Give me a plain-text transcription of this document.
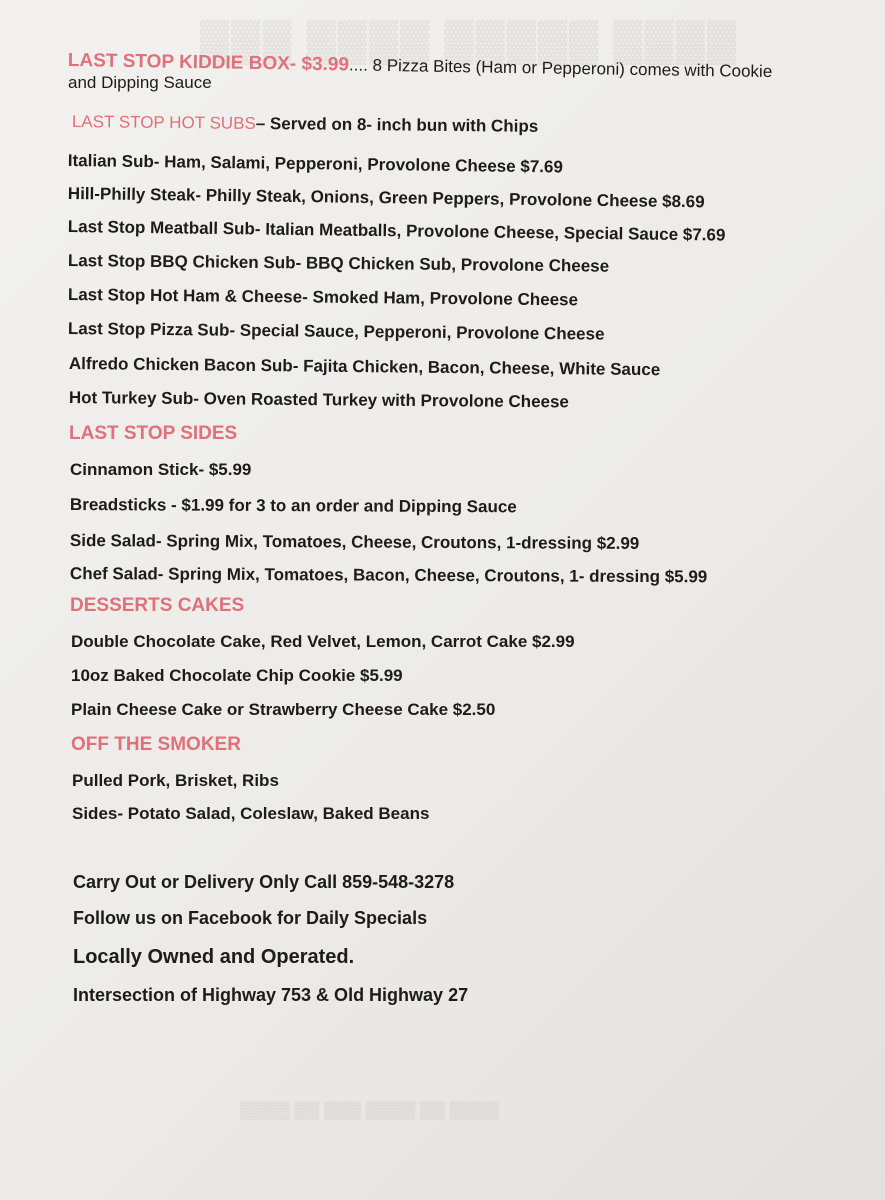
▓▓▓ ▓▓▓▓ ▓▓▓▓▓ ▓▓▓▓
▓▓▓▓ ▓▓ ▓▓▓ ▓▓▓▓ ▓▓ ▓▓▓▓
LAST STOP KIDDIE BOX- $3.99.... 8 Pizza Bites (Ham or Pepperoni) comes with Cookie
and Dipping Sauce
LAST STOP HOT SUBS– Served on 8- inch bun with Chips
Italian Sub- Ham, Salami, Pepperoni, Provolone Cheese $7.69
Hill-Philly Steak- Philly Steak, Onions, Green Peppers, Provolone Cheese $8.69
Last Stop Meatball Sub- Italian Meatballs, Provolone Cheese, Special Sauce $7.69
Last Stop BBQ Chicken Sub- BBQ Chicken Sub, Provolone Cheese
Last Stop Hot Ham & Cheese- Smoked Ham, Provolone Cheese
Last Stop Pizza Sub- Special Sauce, Pepperoni, Provolone Cheese
Alfredo Chicken Bacon Sub- Fajita Chicken, Bacon, Cheese, White Sauce
Hot Turkey Sub- Oven Roasted Turkey with Provolone Cheese
LAST STOP SIDES
Cinnamon Stick- $5.99
Breadsticks - $1.99 for 3 to an order and Dipping Sauce
Side Salad- Spring Mix, Tomatoes, Cheese, Croutons, 1-dressing $2.99
Chef Salad- Spring Mix, Tomatoes, Bacon, Cheese, Croutons, 1- dressing $5.99
DESSERTS CAKES
Double Chocolate Cake, Red Velvet, Lemon, Carrot Cake $2.99
10oz Baked Chocolate Chip Cookie $5.99
Plain Cheese Cake or Strawberry Cheese Cake $2.50
OFF THE SMOKER
Pulled Pork, Brisket, Ribs
Sides- Potato Salad, Coleslaw, Baked Beans
Carry Out or Delivery Only Call 859-548-3278
Follow us on Facebook for Daily Specials
Locally Owned and Operated.
Intersection of Highway 753 & Old Highway 27
